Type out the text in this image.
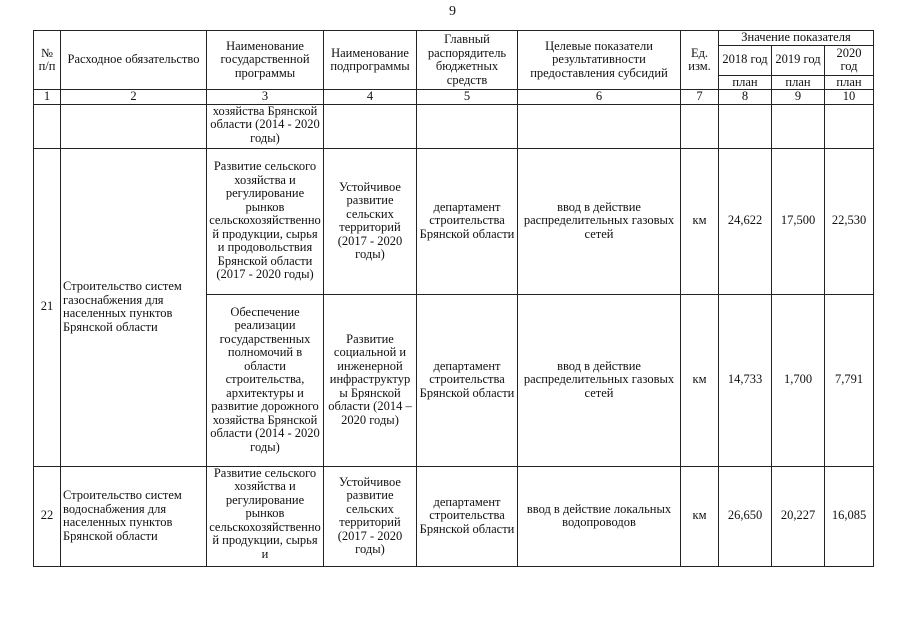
9
№ п/п	Расходное обязательство	Наименование государственной программы	Наименование подпрограммы	Главный распорядитель бюджетных средств	Целевые показатели результативности предоставления субсидий	Ед. изм.	Значение показателя		
							2018 год	2019 год	2020 год
							план	план	план
1	2	3	4	5	6	7	8	9	10
		хозяйства Брянской области (2014 - 2020 годы)							
21	Строительство систем газоснабжения для населенных пунктов Брянской области	Развитие сельского хозяйства и регулирование рынков сельскохозяйственной продукции, сырья и продовольствия Брянской области (2017 - 2020 годы)	Устойчивое развитие сельских территорий (2017 - 2020 годы)	департамент строительства Брянской области	ввод в действие распределительных газовых сетей	км	24,622	17,500	22,530
		Обеспечение реализации государственных полномочий в области строительства, архитектуры и развитие дорожного хозяйства Брянской области (2014 - 2020 годы)	Развитие социальной и инженерной инфраструктуры Брянской области (2014 – 2020 годы)	департамент строительства Брянской области	ввод в действие распределительных газовых сетей	км	14,733	1,700	7,791
22	Строительство систем водоснабжения для населенных пунктов Брянской области	Развитие сельского хозяйства и регулирование рынков сельскохозяйственной продукции, сырья и	Устойчивое развитие сельских территорий (2017 - 2020 годы)	департамент строительства Брянской области	ввод в действие локальных водопроводов	км	26,650	20,227	16,085
